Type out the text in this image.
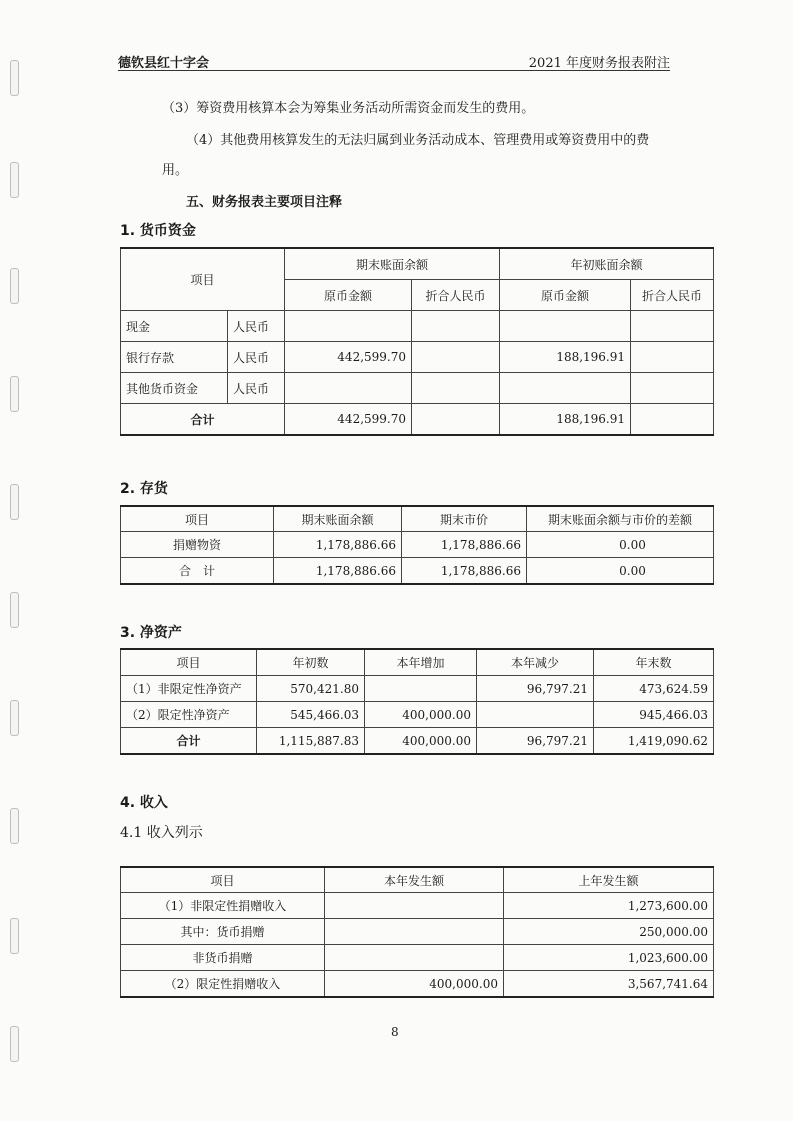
德钦县红十字会	2021 年度财务报表附注
（3）筹资费用核算本会为筹集业务活动所需资金而发生的费用。
（4）其他费用核算发生的无法归属到业务活动成本、管理费用或筹资费用中的费
用。
五、财务报表主要项目注释
1. 货币资金
项目		期末账面余额		年初账面余额	
		原币金额	折合人民币	原币金额	折合人民币
现金	人民币				
银行存款	人民币	442,599.70		188,196.91	
其他货币资金	人民币				
合计		442,599.70		188,196.91	
2. 存货
项目	期末账面余额	期末市价	期末账面余额与市价的差额
捐赠物资	1,178,886.66	1,178,886.66	0.00
合　计	1,178,886.66	1,178,886.66	0.00
3. 净资产
项目	年初数	本年增加	本年减少	年末数
（1）非限定性净资产	570,421.80		96,797.21	473,624.59
（2）限定性净资产	545,466.03	400,000.00		945,466.03
合计	1,115,887.83	400,000.00	96,797.21	1,419,090.62
4. 收入
4.1 收入列示
项目	本年发生额	上年发生额
（1）非限定性捐赠收入		1,273,600.00
其中：货币捐赠		250,000.00
非货币捐赠		1,023,600.00
（2）限定性捐赠收入	400,000.00	3,567,741.64
8
